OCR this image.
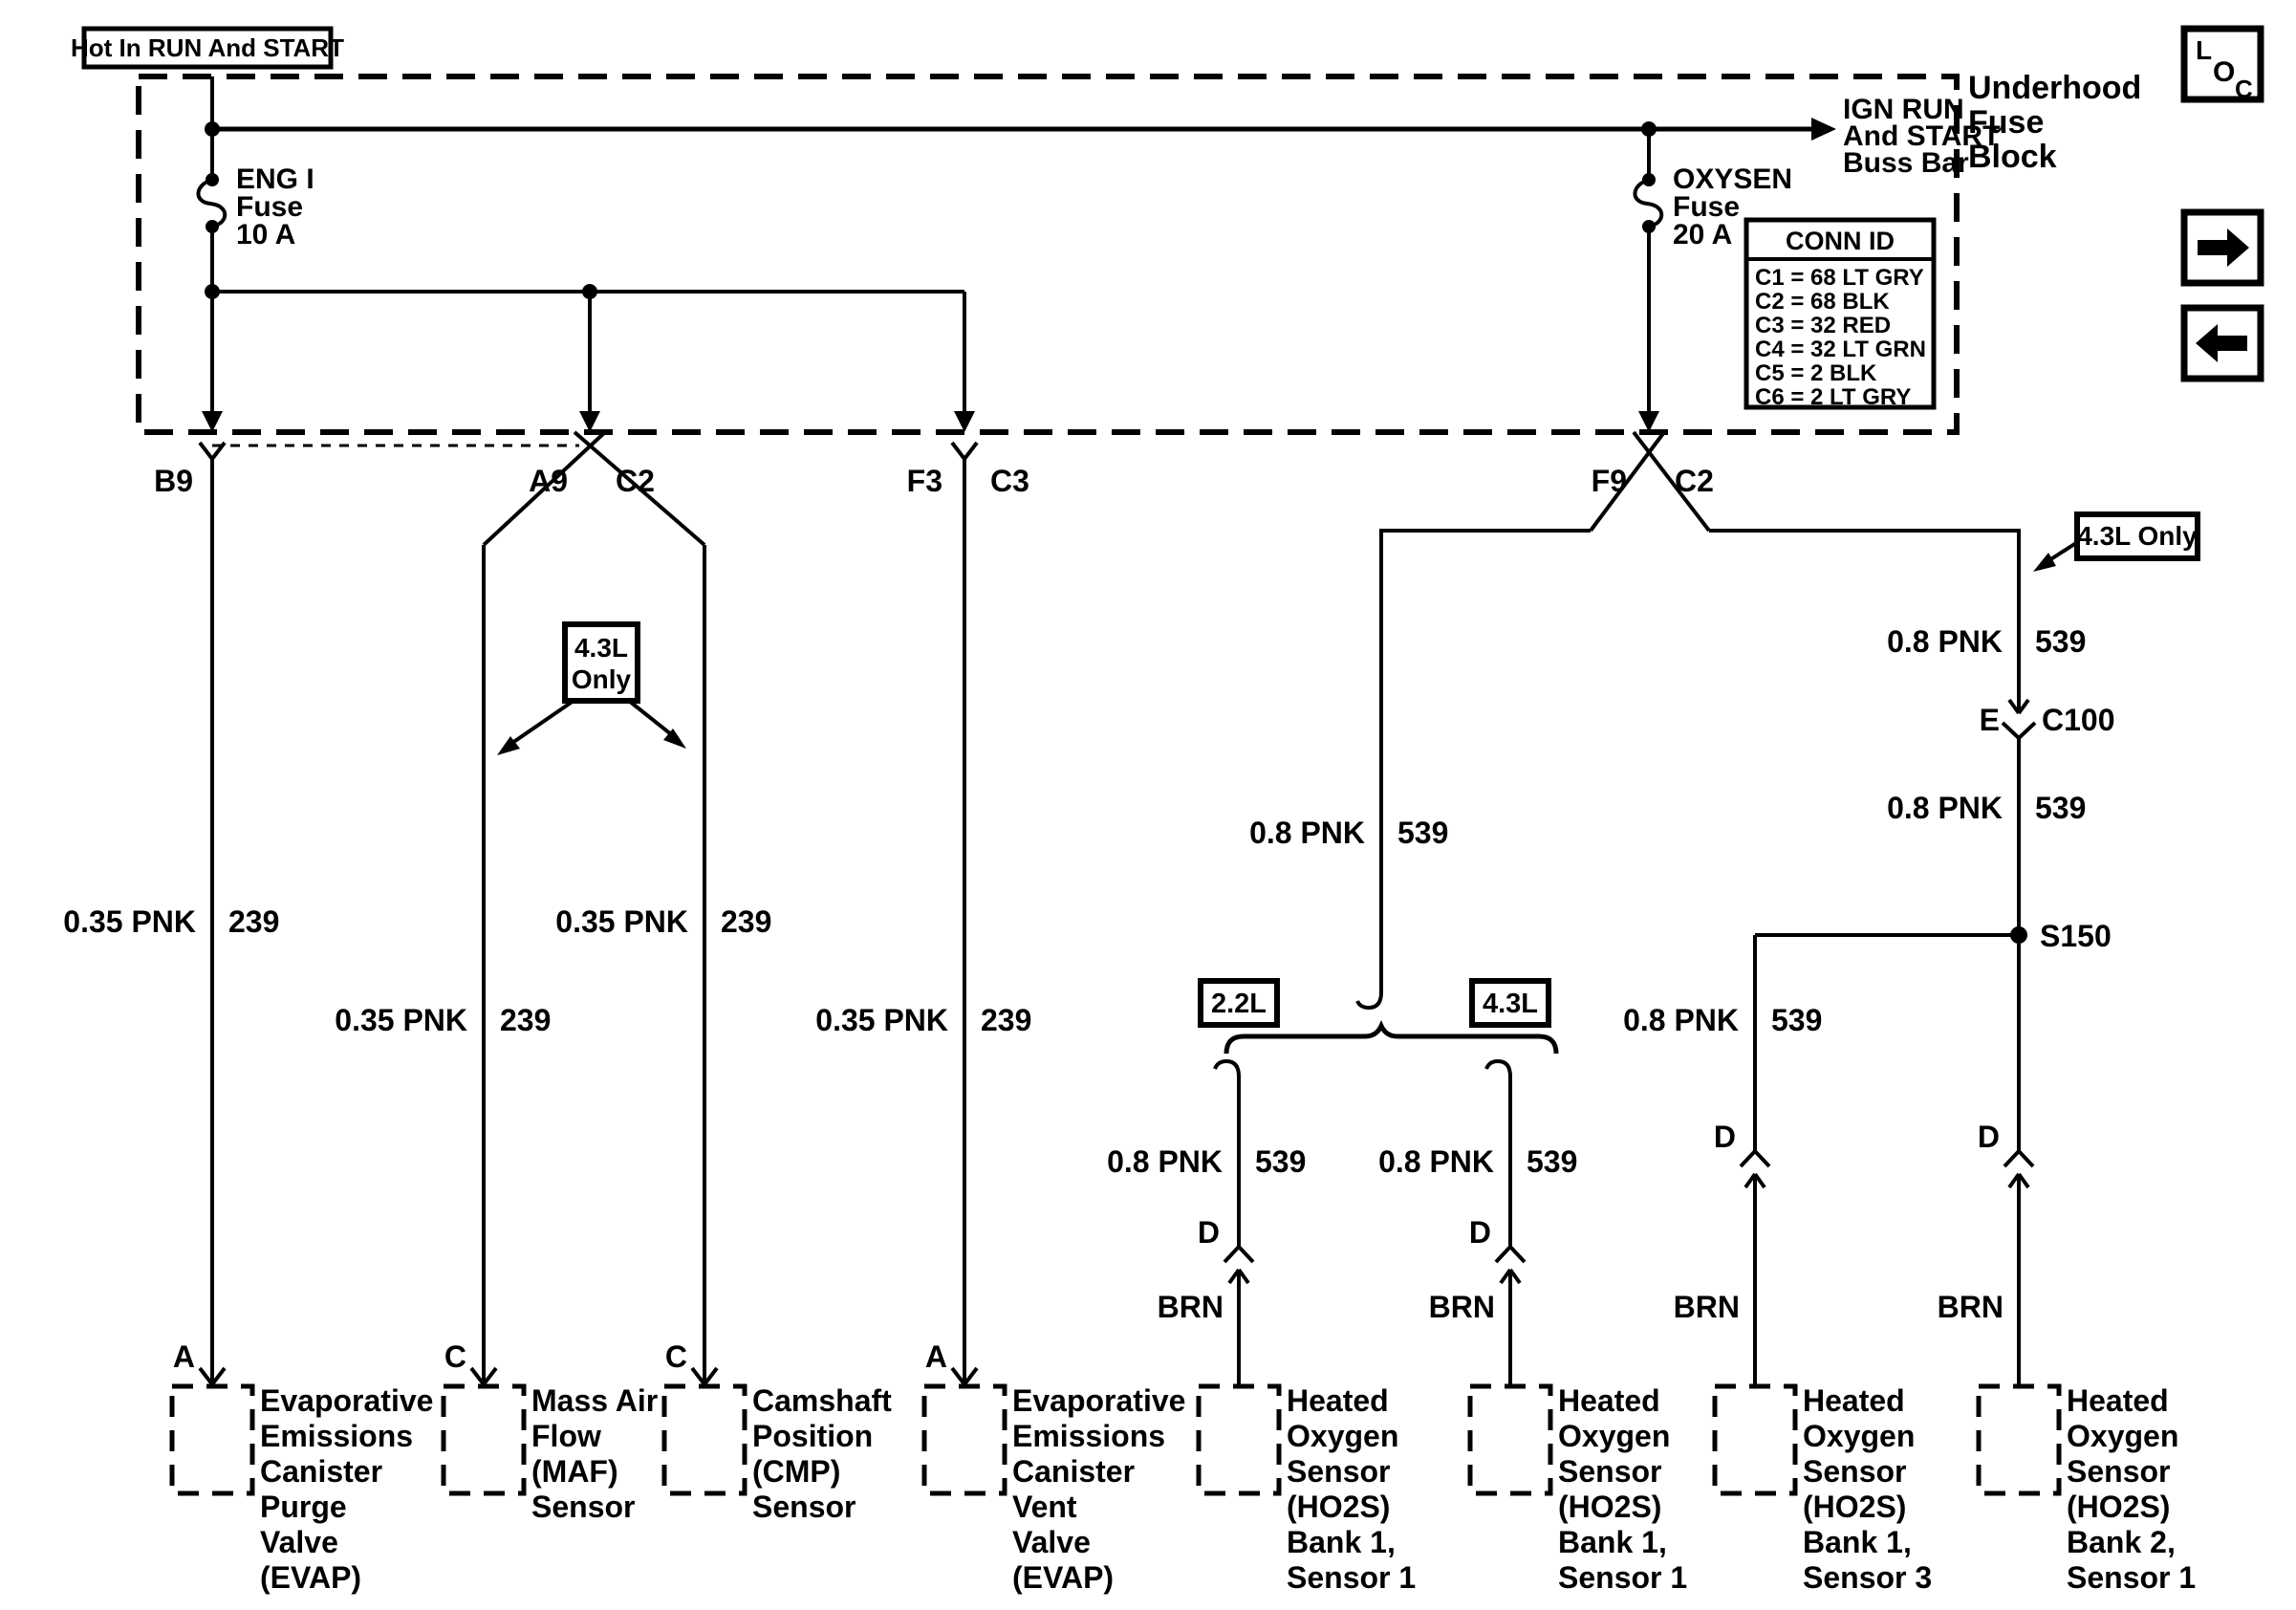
Hot In RUN And START
Underhood Fuse Block
IGN RUN And START Buss Bar
ENG I Fuse 10 A
OXYSEN Fuse 20 A	CONN ID
C1 = 68 LT GRY C2 = 68 BLK C3 = 32 RED C4 = 32 LT GRN C5 = 2 BLK C6 = 2 LT GRY
L
O
C
B9	A9 C2	F3 C3	F9 C2
0.35 PNK 239
0.35 PNK 239
0.35 PNK 239
4.3L Only
0.35 PNK 239
4.3L Only
0.8 PNK 539
E C100
0.8 PNK 539
S150
0.8 PNK 539
D
BRN
D
BRN
0.8 PNK 539
2.2L	4.3L
0.8 PNK 539
D
BRN
0.8 PNK 539
D
BRN
A
Evaporative Emissions Canister Purge Valve (EVAP)
C
Mass Air Flow (MAF) Sensor
C
Camshaft Position (CMP) Sensor
A
Evaporative Emissions Canister Vent Valve (EVAP)
Heated Oxygen Sensor (HO2S) Bank 1, Sensor 1
Heated Oxygen Sensor (HO2S) Bank 1, Sensor 1
Heated Oxygen Sensor (HO2S) Bank 1, Sensor 3
Heated Oxygen Sensor (HO2S) Bank 2, Sensor 1
